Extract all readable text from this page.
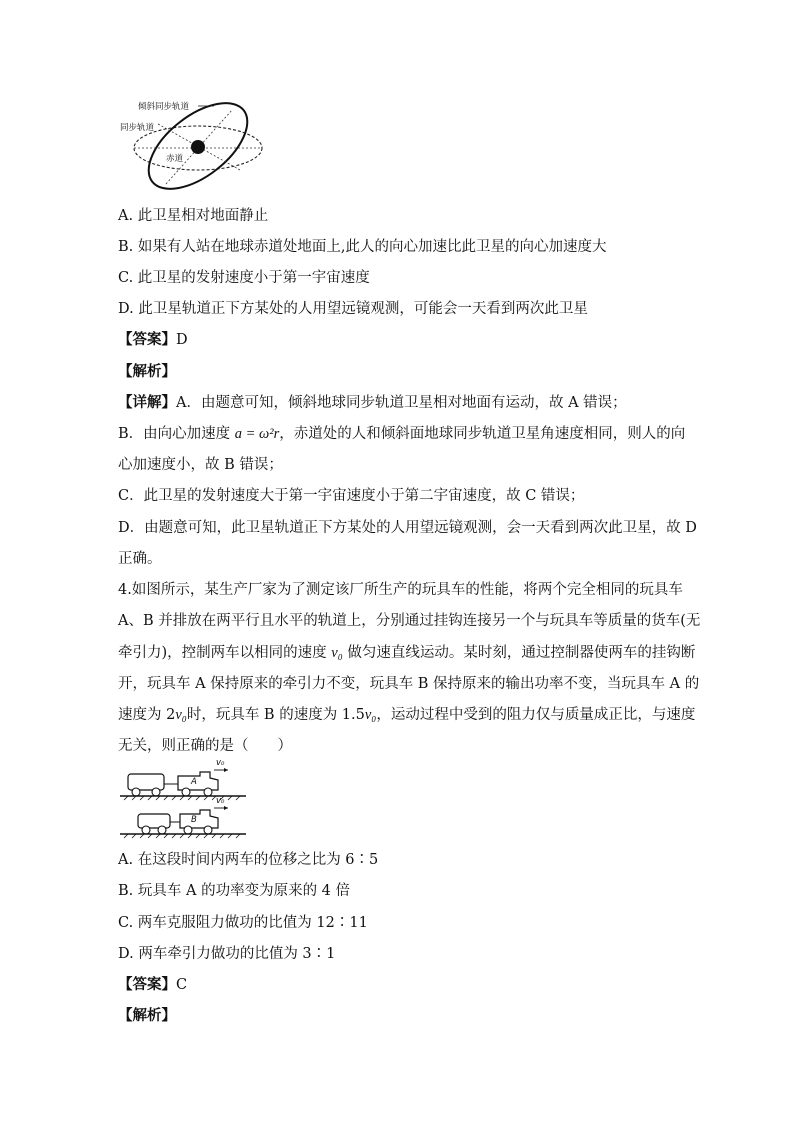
倾斜同步轨道
同步轨道
赤道
A. 此卫星相对地面静止
B. 如果有人站在地球赤道处地面上,此人的向心加速比此卫星的向心加速度大
C. 此卫星的发射速度小于第一宇宙速度
D. 此卫星轨道正下方某处的人用望远镜观测，可能会一天看到两次此卫星
【答案】D
【解析】
【详解】A．由题意可知，倾斜地球同步轨道卫星相对地面有运动，故 A 错误；
B．由向心加速度 a = ω²r，赤道处的人和倾斜面地球同步轨道卫星角速度相同，则人的向
心加速度小，故 B 错误；
C．此卫星的发射速度大于第一宇宙速度小于第二宇宙速度，故 C 错误；
D．由题意可知，此卫星轨道正下方某处的人用望远镜观测，会一天看到两次此卫星，故 D
正确。
4.如图所示，某生产厂家为了测定该厂所生产的玩具车的性能，将两个完全相同的玩具车
A、B 并排放在两平行且水平的轨道上，分别通过挂钩连接另一个与玩具车等质量的货车(无
牵引力)，控制两车以相同的速度 v₀ 做匀速直线运动。某时刻，通过控制器使两车的挂钩断
开，玩具车 A 保持原来的牵引力不变，玩具车 B 保持原来的输出功率不变，当玩具车 A 的
速度为 2v₀时，玩具车 B 的速度为 1.5v₀，运动过程中受到的阻力仅与质量成正比，与速度
无关，则正确的是（　　）
A
B
v₀
v₀
A. 在这段时间内两车的位移之比为 6∶5
B. 玩具车 A 的功率变为原来的 4 倍
C. 两车克服阻力做功的比值为 12∶11
D. 两车牵引力做功的比值为 3∶1
【答案】C
【解析】
